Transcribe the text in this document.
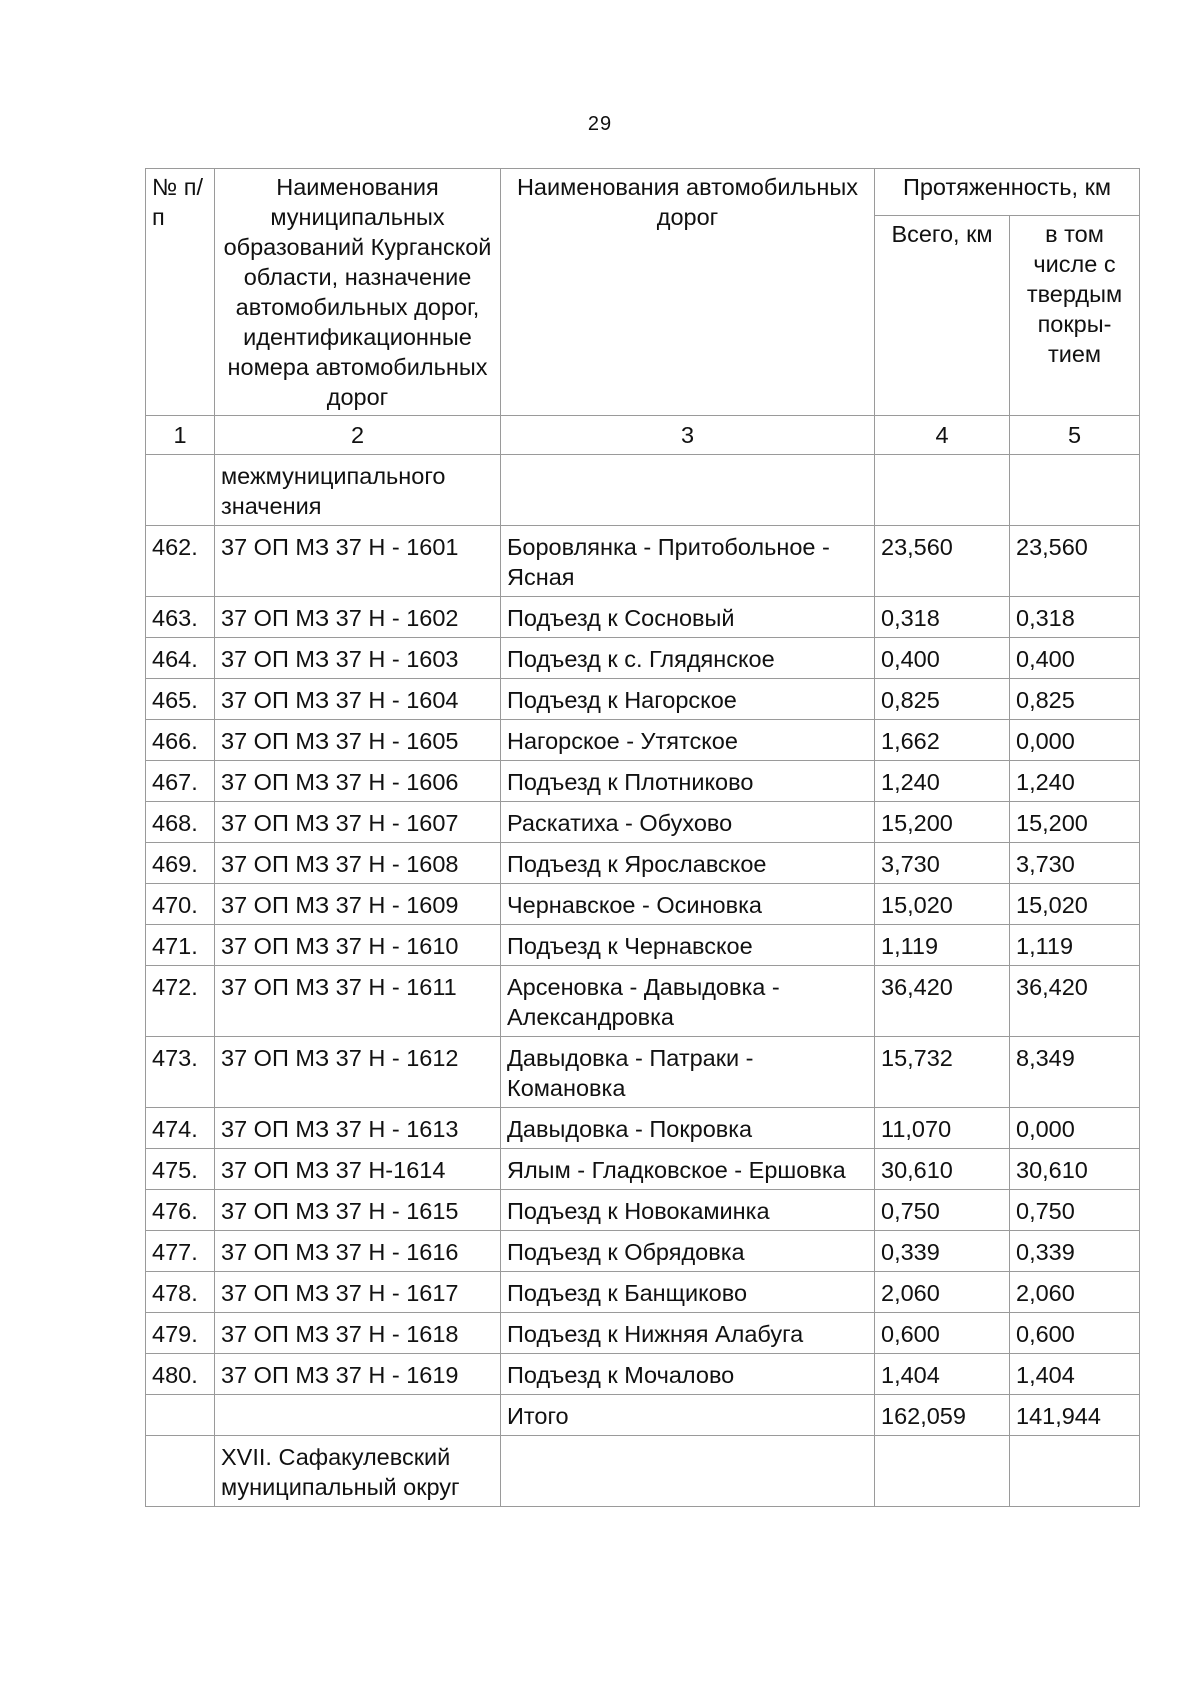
29
№ п/п	Наименования муниципальных образований Курганской области, назначение автомобильных дорог, идентификационные номера автомобильных дорог	Наименования автомобильных дорог	Протяженность, км	
			Всего, км	в том числе с твердым покры-тием
1	2	3	4	5
	межмуниципального значения			
462.	37 ОП МЗ 37 Н - 1601	Боровлянка - Притобольное - Ясная	23,560	23,560
463.	37 ОП МЗ 37 Н - 1602	Подъезд к Сосновый	0,318	0,318
464.	37 ОП МЗ 37 Н - 1603	Подъезд к с. Глядянское	0,400	0,400
465.	37 ОП МЗ 37 Н - 1604	Подъезд к Нагорское	0,825	0,825
466.	37 ОП МЗ 37 Н - 1605	Нагорское - Утятское	1,662	0,000
467.	37 ОП МЗ 37 Н - 1606	Подъезд к Плотниково	1,240	1,240
468.	37 ОП МЗ 37 Н - 1607	Раскатиха - Обухово	15,200	15,200
469.	37 ОП МЗ 37 Н - 1608	Подъезд к Ярославское	3,730	3,730
470.	37 ОП МЗ 37 Н - 1609	Чернавское - Осиновка	15,020	15,020
471.	37 ОП МЗ 37 Н - 1610	Подъезд к Чернавское	1,119	1,119
472.	37 ОП МЗ 37 Н - 1611	Арсеновка - Давыдовка - Александровка	36,420	36,420
473.	37 ОП МЗ 37 Н - 1612	Давыдовка - Патраки - Комановка	15,732	8,349
474.	37 ОП МЗ 37 Н - 1613	Давыдовка - Покровка	11,070	0,000
475.	37 ОП МЗ 37 Н-1614	Ялым - Гладковское - Ершовка	30,610	30,610
476.	37 ОП МЗ 37 Н - 1615	Подъезд к Новокаминка	0,750	0,750
477.	37 ОП МЗ 37 Н - 1616	Подъезд к Обрядовка	0,339	0,339
478.	37 ОП МЗ 37 Н - 1617	Подъезд к Банщиково	2,060	2,060
479.	37 ОП МЗ 37 Н - 1618	Подъезд к Нижняя Алабуга	0,600	0,600
480.	37 ОП МЗ 37 Н - 1619	Подъезд к Мочалово	1,404	1,404
		Итого	162,059	141,944
	XVII. Сафакулевский муниципальный округ			
